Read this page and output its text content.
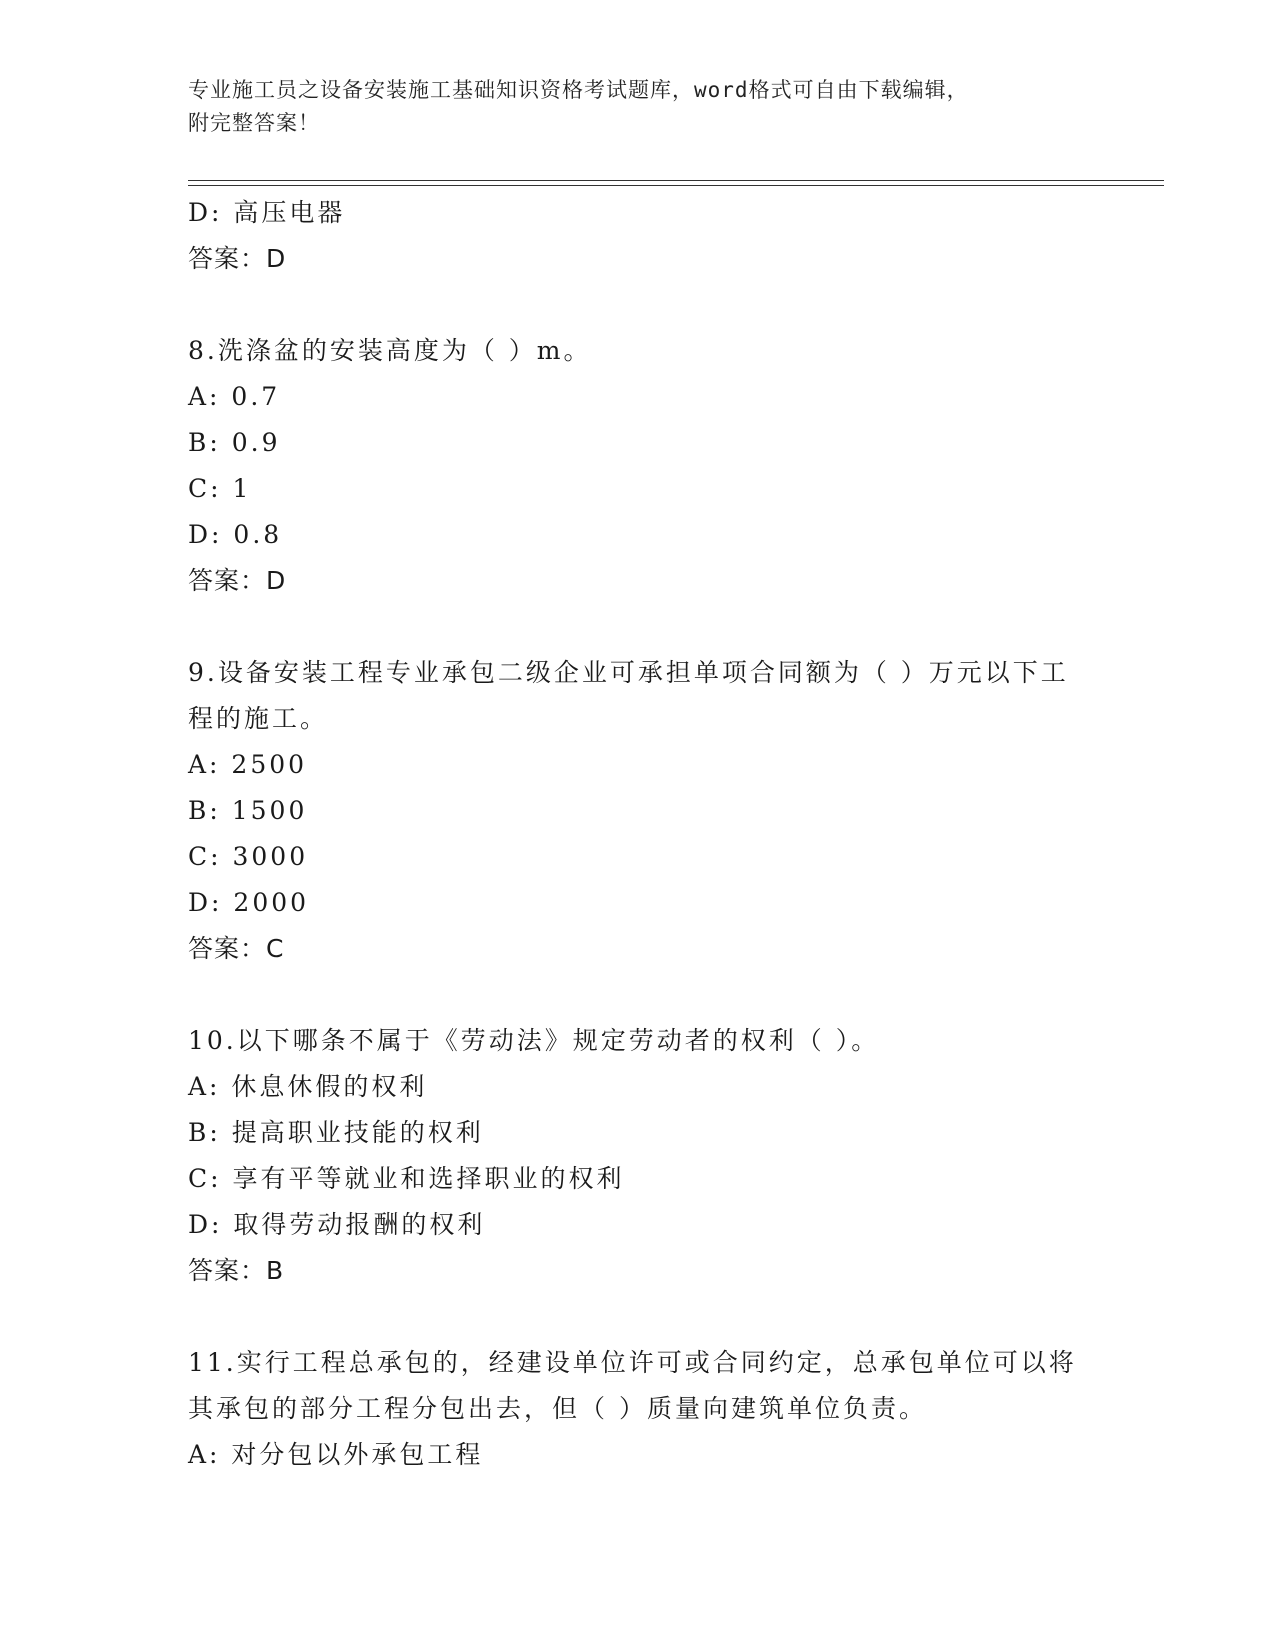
专业施工员之设备安装施工基础知识资格考试题库，word格式可自由下载编辑，
附完整答案！
D: 高压电器
答案：D
8.洗涤盆的安装高度为（ ）m。
A: 0.7
B: 0.9
C: 1
D: 0.8
答案：D
9.设备安装工程专业承包二级企业可承担单项合同额为（ ）万元以下工程的施工。
A: 2500
B: 1500
C: 3000
D: 2000
答案：C
10.以下哪条不属于《劳动法》规定劳动者的权利（ ）。
A: 休息休假的权利
B: 提高职业技能的权利
C: 享有平等就业和选择职业的权利
D: 取得劳动报酬的权利
答案：B
11.实行工程总承包的，经建设单位许可或合同约定，总承包单位可以将其承包的部分工程分包出去，但（ ）质量向建筑单位负责。
A: 对分包以外承包工程
